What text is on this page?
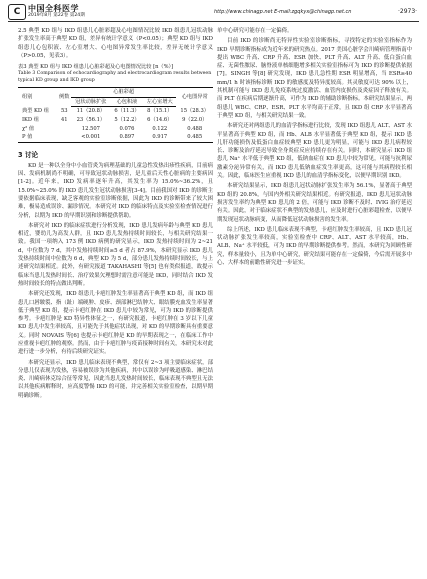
C 中国全科医学
2019年8月 第22卷 第24期
http://www.chinagp.net E-mail:zgqkyx@chinagp.net.cn	·2973·

2.5 典型 KD 组与 IKD 组患儿心脏彩超及心电图情况比较 IKD 组患儿冠状动脉扩张发生率高于典型 KD 组，差异有统计学意义（P<0.05）；典型 KD 组与 IKD 组患儿心包积液、左心室增大、心电图异常发生率比较，差异无统计学意义（P>0.05，见表3）。

表3 典型 KD 组与 IKD 组患儿心脏彩超及心电图情况比较 [n（%）]
Table 3 Comparison of echocardiography and electrocardiogram results between typical KD group and IKD group
组别	例数	心脏彩超			心电图异常
		冠状动脉扩张	心包积液	左心室增大	
典型 KD 组	53	11（20.8）	6（11.3）	8（15.1）	15（28.3）
IKD 组	41	23（56.1）	5（12.2）	6（14.6）	9（22.0）
χ² 值		12.507	0.076	0.122	0.488
P 值		<0.001	0.897	0.917	0.485
3 讨论

KD 是一种以全身中小血管炎为病理基础的儿童急性发热出疹性疾病，目前病因、发病机制尚不明确，可导致冠状动脉损害，是儿童后天性心脏病的主要病因[1-2]。近年来，IKD 发病率逐年升高，其发生率为 15.0%~36.2%，且 15.0%~25.0% 的 IKD 患儿发生冠状动脉损害[3-4]。目前我国对 IKD 的诊断主要依据临床表现，缺乏客观的实验室诊断依据，因此为 IKD 的诊断带来了较大困难，极易造成误诊、漏诊情况。本研究对 IKD 的临床特点及实验室检查情况进行分析，以期为 IKD 的早期识别和诊断提供帮助。

本研究对 IKD 的临床症状进行分析发现，IKD 患儿发病年龄与典型 KD 患儿相近，婴幼儿为高发人群，且 IKD 患儿发热持续时间较长，与相关研究结果一致。我国一项纳入 173 例 IKD 病例的研究显示，IKD 发热持续时间为 2~21 d，中位数为 7 d，其中发热持续时间≥5 d 者占 87.9%，本研究显示 IKD 患儿发热持续时间中位数为 6 d，典型 KD 为 5 d，部分患儿发热持续时间较长，与上述研究结果相近。此外，有研究报道 TAKAHASHI 等[5] 也有类似报道，故提示临床当患儿发热时间长、治疗效果欠理想时需注意可能是 IKD，同时结合 IKD 发热时间较长的特点做出判断。

本研究还发现，IKD 组患儿卡疤红肿发生率显著高于典型 KD 组，而 IKD 组患儿口唇皲裂、指（趾）端硬肿、皮疹、颈部淋巴结肿大、眼结膜充血发生率显著低于典型 KD 组，提示卡疤红肿在 IKD 患儿中较为常见，可为 IKD 的诊断提供参考。卡疤红肿是 KD 特异性体征之一，有研究报道，卡疤红肿在 3 岁以下儿童 KD 患儿中发生率较高，且可能先于其他症状出现，对 KD 的早期诊断具有重要意义。同时 NOVAIS 等[6] 也提示卡疤红肿是 KD 的早期表现之一，在临床工作中应重视卡疤红肿的观察。然而，由于卡疤红肿与疫苗接种时间有关，本研究未对此进行进一步分析，有待后续研究证实。

本研究还显示，IKD 患儿临床表现不典型，常仅有 2~3 项主要临床症状，部分患儿仅表现为发热，容易被误诊为其他疾病，其中以误诊为呼吸道感染、淋巴结炎、川崎病休克综合征等常见，因此当患儿发热时间较长，临床表现不典型且无法以其他疾病解释时，应高度警惕 IKD 的可能，并完善相关实验室检查，以期早期明确诊断。

单中心研究可能存在一定偏倚。

目前 IKD 的诊断尚无特异性实验室诊断指标，寻找特定的实验室指标作为 IKD 早期诊断指标成为近年来的研究热点。2017 美国心脏学会川崎病管理指南中提出 WBC 升高、CRP 升高、ESR 加快、PLT 升高、ALT 升高、低白蛋白血症、无菌性脓尿、脑脊液单核细胞增多相关实验室指标可为 IKD 的诊断提供依据[7]。SINGH 等[8] 研究发现，IKD 患儿急性期 ESR 明显增高，当 ESR≥40 mm/1 h 时该指标诊断 IKD 的敏感度及特异度较高。其灵敏度可达 90% 以上，其机制可能与 IKD 患儿免疫系统过度激活、血管内皮损伤及炎症因子释放有关。而 PLT 在疾病后期逐渐升高，可作为 IKD 的辅助诊断指标。本研究结果显示，两组患儿 WBC、CRP、ESR、PLT 水平均高于正常，且 IKD 组 CRP 水平显著高于典型 KD 组，与相关研究结果一致。

本研究还对两组患儿的血清学指标进行比较，发现 IKD 组患儿 ALT、AST 水平显著高于典型 KD 组，而 Hb、ALB 水平显著低于典型 KD 组，提示 IKD 患儿肝功能损伤及低蛋白血症较典型 KD 患儿更为明显，可能与 IKD 患儿病程较长、诊断及治疗延迟导致全身炎症反应持续存在有关。同时，本研究显示 IKD 组患儿 Na⁺ 水平低于典型 KD 组，低钠血症在 KD 患儿中较为常见，可能与抗利尿激素分泌异常有关，而 IKD 患儿低钠血症发生率更高，这可能与其病程较长相关。因此，临床医生应重视 IKD 患儿的血清学指标变化，以便早期识别 IKD。

本研究结果显示，IKD 组患儿冠状动脉扩张发生率为 56.1%，显著高于典型 KD 组的 20.8%，与国内外相关研究结果相近。有研究报道，IKD 患儿冠状动脉损害发生率约为典型 KD 患儿的 2 倍，可能与 IKD 诊断不及时、IVIG 治疗延迟有关。因此，对于临床症状不典型的发热患儿，应及时进行心脏彩超检查，以便早期发现冠状动脉病变，从而降低冠状动脉损害的发生率。

综上所述，IKD 患儿临床表现不典型，卡疤红肿发生率较高，且 IKD 患儿冠状动脉扩张发生率较高，实验室检查中 CRP、ALT、AST 水平较高，Hb、ALB、Na⁺ 水平较低，可为 IKD 的早期诊断提供参考。然而，本研究为回顾性研究，样本量较小，且为单中心研究，研究结果可能存在一定偏倚，今后需开展多中心、大样本的前瞻性研究进一步证实。
